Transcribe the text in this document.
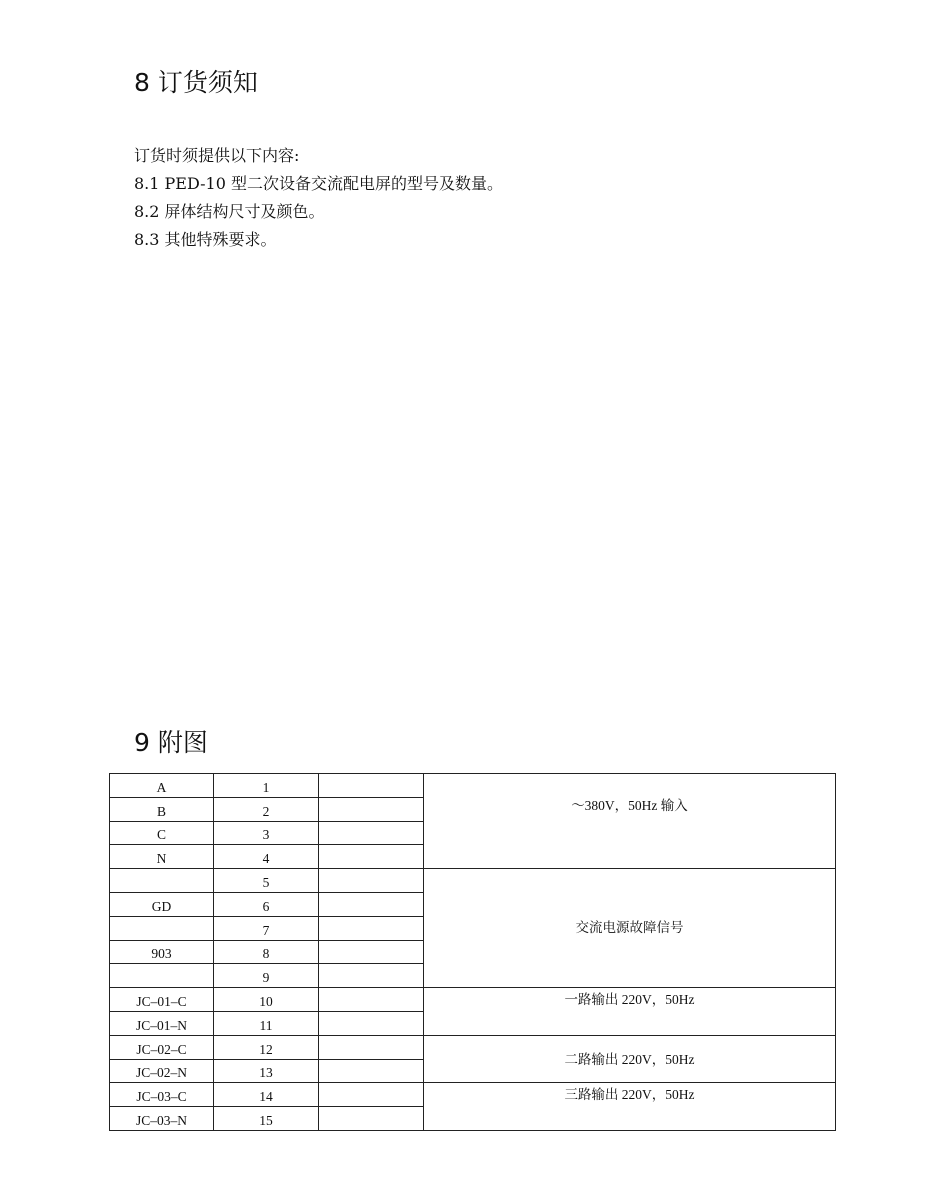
8 订货须知
订货时须提供以下内容:
8.1 PED-10 型二次设备交流配电屏的型号及数量。
8.2 屏体结构尺寸及颜色。
8.3 其他特殊要求。
9 附图
A	1		～380V，50Hz 输入
B	2		
C	3		
N	4		
	5		交流电源故障信号
GD	6		
	7		
903	8		
	9		
JC–01–C	10		一路输出 220V，50Hz
JC–01–N	11		
JC–02–C	12		二路输出 220V，50Hz
JC–02–N	13		
JC–03–C	14		三路输出 220V，50Hz
JC–03–N	15		
